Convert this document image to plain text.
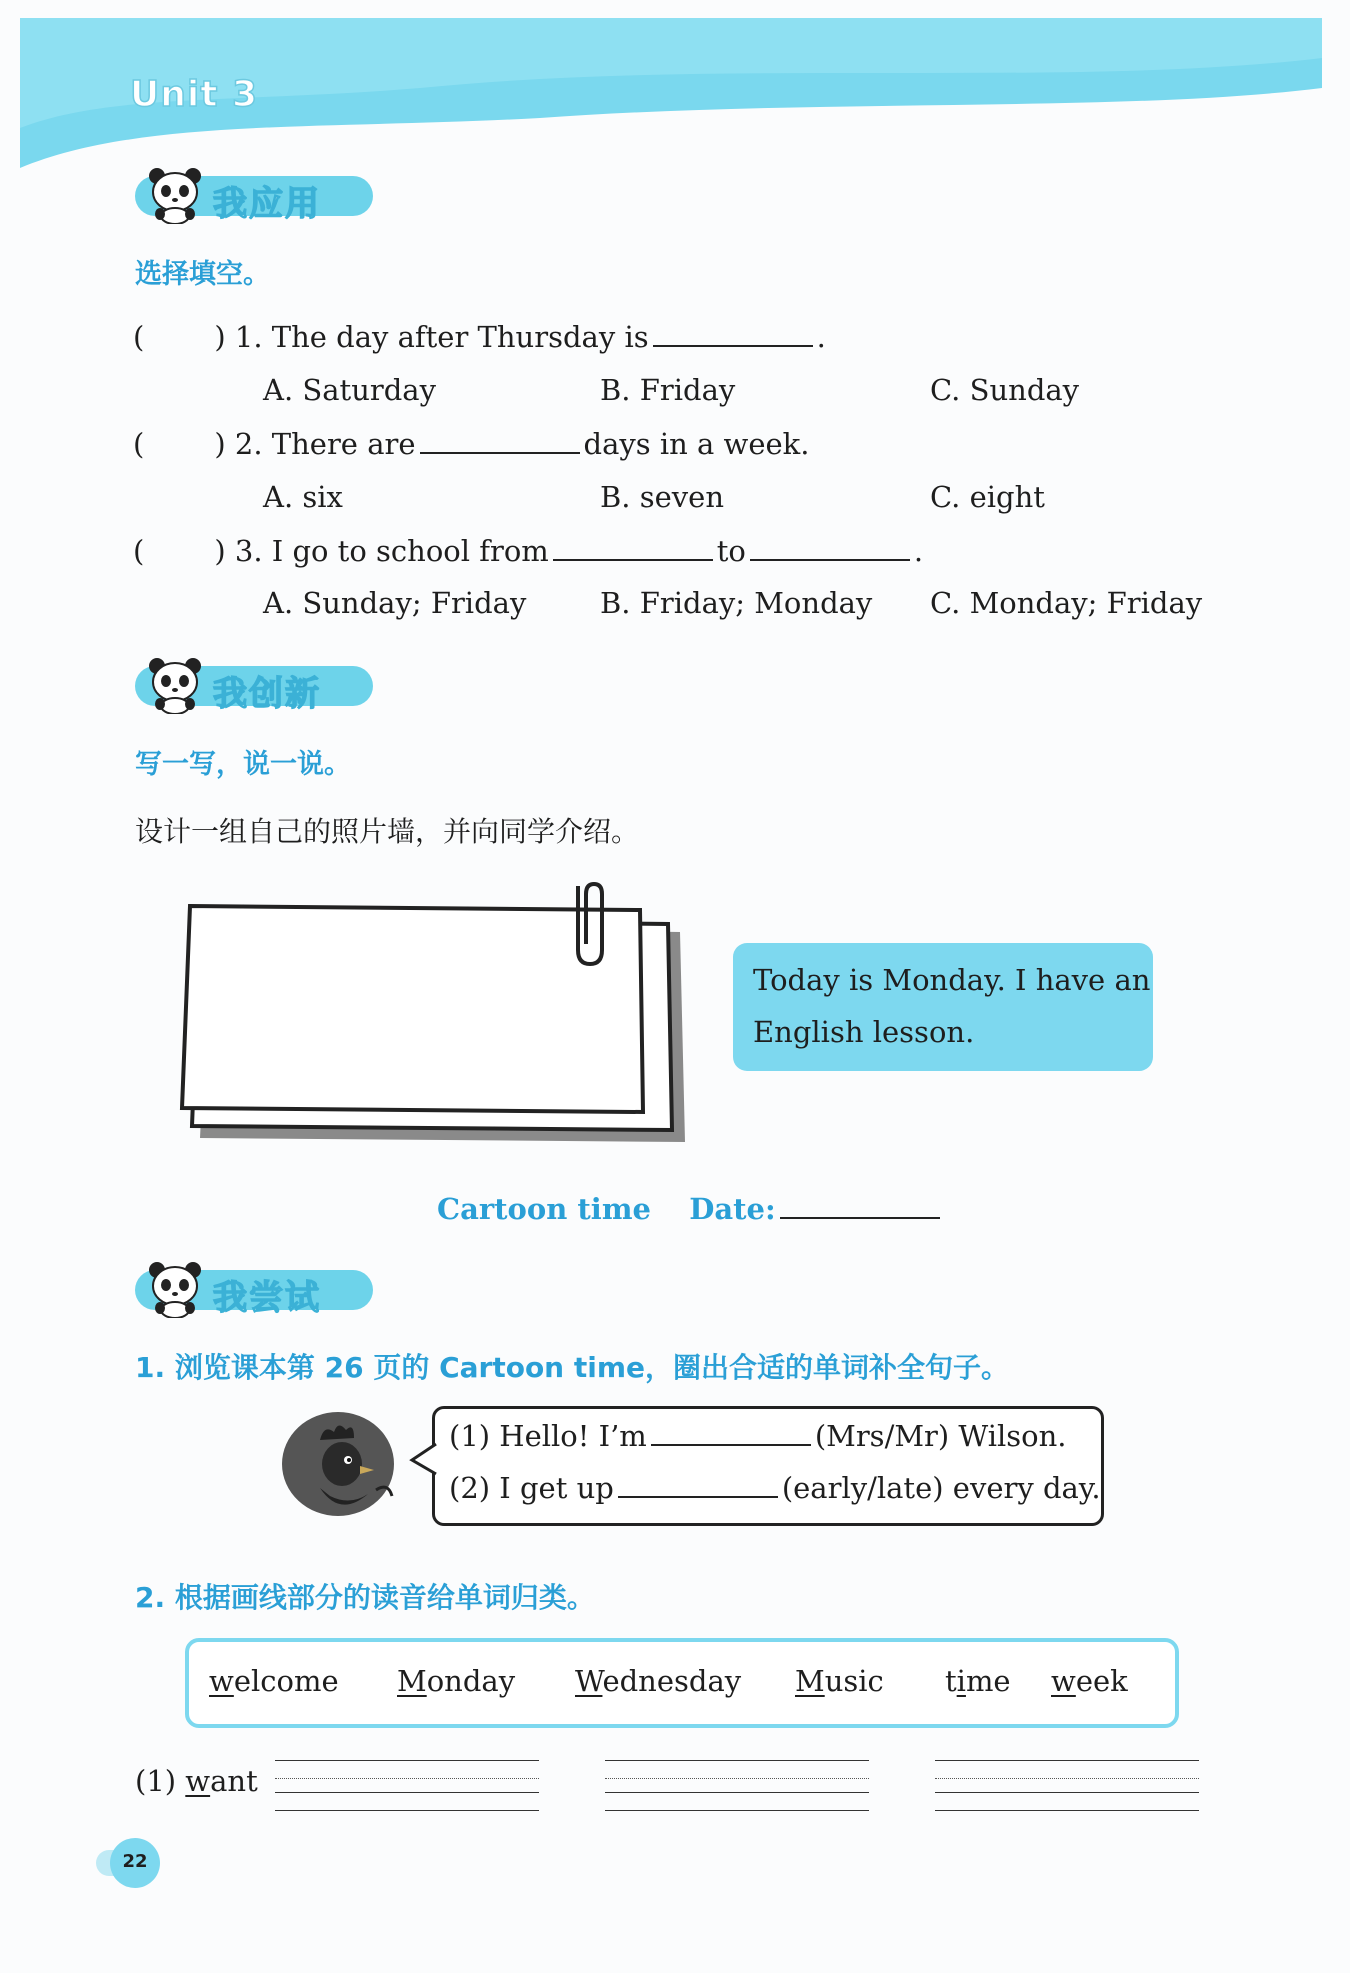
Unit 3
我应用
选择填空。
( ) 1. The day after Thursday is	.
A. Saturday	B. Friday	C. Sunday
( ) 2. There are	days in a week.
A. six	B. seven	C. eight
( ) 3. I go to school from	to	.
A. Sunday; Friday	B. Friday; Monday C. Monday; Friday
我创新
写一写，说一说。
设计一组自己的照片墙，并向同学介绍。
Today is Monday. I have an
English lesson.
Cartoon time Date:
我尝试
1. 浏览课本第 26 页的 Cartoon time，圈出合适的单词补全句子。
(1) Hello! I’m	(Mrs/Mr) Wilson.
(2) I get up	(early/late) every day.
2. 根据画线部分的读音给单词归类。
welcome Monday Wednesday Music time week
(1) want
22
